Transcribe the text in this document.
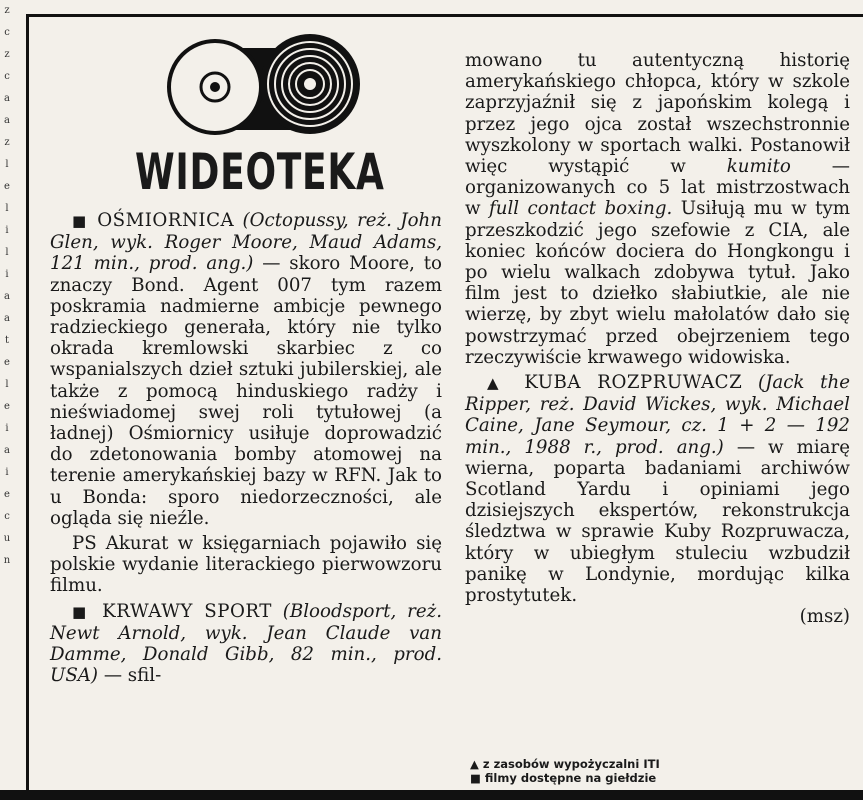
z
c
z
c
a
a
z
l
e
l
i
l
i
a
a
t
e
l
e
i
a
i
e
c
u
n
WIDEOTEKA

■ OŚMIORNICA (Octopussy, reż. John Glen, wyk. Roger Moore, Maud Adams, 121 min., prod. ang.) — skoro Moore, to znaczy Bond. Agent 007 tym razem poskramia nadmierne ambicje pewnego radzieckiego generała, który nie tylko okrada kremlowski skarbiec z co wspanialszych dzieł sztuki jubilerskiej, ale także z pomocą hinduskiego radży i nieświadomej swej roli tytułowej (a ładnej) Ośmiornicy usiłuje doprowadzić do zdetonowania bomby atomowej na terenie amerykańskiej bazy w RFN. Jak to u Bonda: sporo niedorzeczności, ale ogląda się nieźle.

PS Akurat w księgarniach pojawiło się polskie wydanie literackiego pierwowzoru filmu.

■ KRWAWY SPORT (Bloodsport, reż. Newt Arnold, wyk. Jean Claude van Damme, Donald Gibb, 82 min., prod. USA) — sfil-

mowano tu autentyczną historię amerykańskiego chłopca, który w szkole zaprzyjaźnił się z japońskim kolegą i przez jego ojca został wszechstronnie wyszkolony w sportach walki. Postanowił więc wystąpić w kumito — organizowanych co 5 lat mistrzostwach w full contact boxing. Usiłują mu w tym przeszkodzić jego szefowie z CIA, ale koniec końców dociera do Hongkongu i po wielu walkach zdobywa tytuł. Jako film jest to dziełko słabiutkie, ale nie wierzę, by zbyt wielu małolatów dało się powstrzymać przed obejrzeniem tego rzeczywiście krwawego widowiska.

▲ KUBA ROZPRUWACZ (Jack the Ripper, reż. David Wickes, wyk. Michael Caine, Jane Seymour, cz. 1 + 2 — 192 min., 1988 r., prod. ang.) — w miarę wierna, poparta badaniami archiwów Scotland Yardu i opiniami jego dzisiejszych ekspertów, rekonstrukcja śledztwa w sprawie Kuby Rozpruwacza, który w ubiegłym stuleciu wzbudził panikę w Londynie, mordując kilka prostytutek.

(msz)

▲ z zasobów wypożyczalni ITI
■ filmy dostępne na giełdzie
